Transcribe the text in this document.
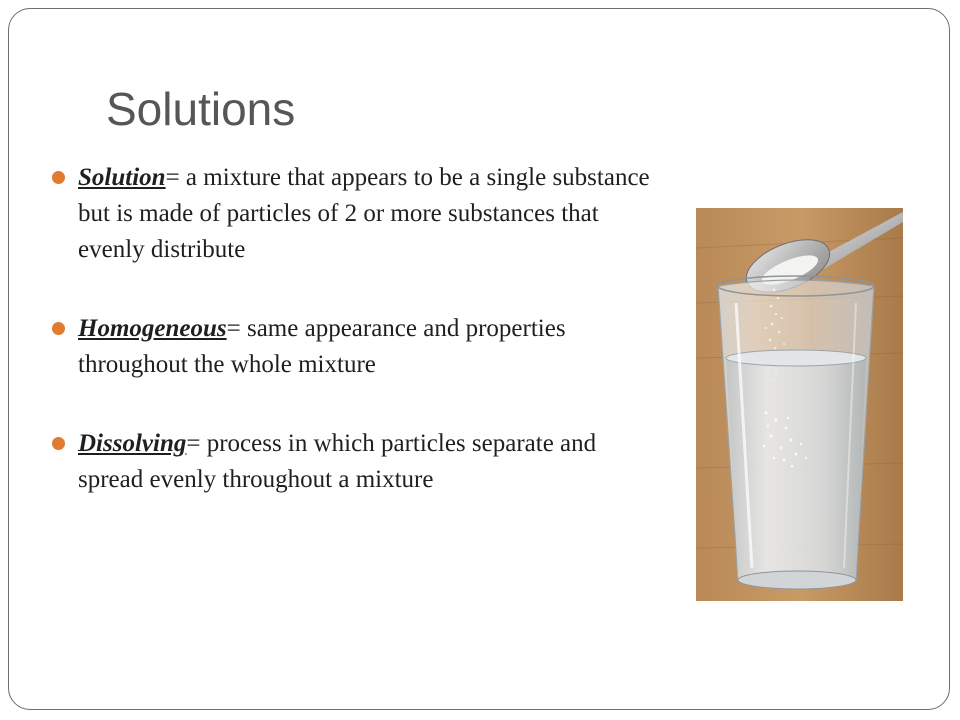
Solutions
Solution= a mixture that appears to be a single substance but is made of particles of 2 or more substances that evenly distribute
Homogeneous= same appearance and properties throughout the whole mixture
Dissolving= process in which particles separate and spread evenly throughout a mixture
